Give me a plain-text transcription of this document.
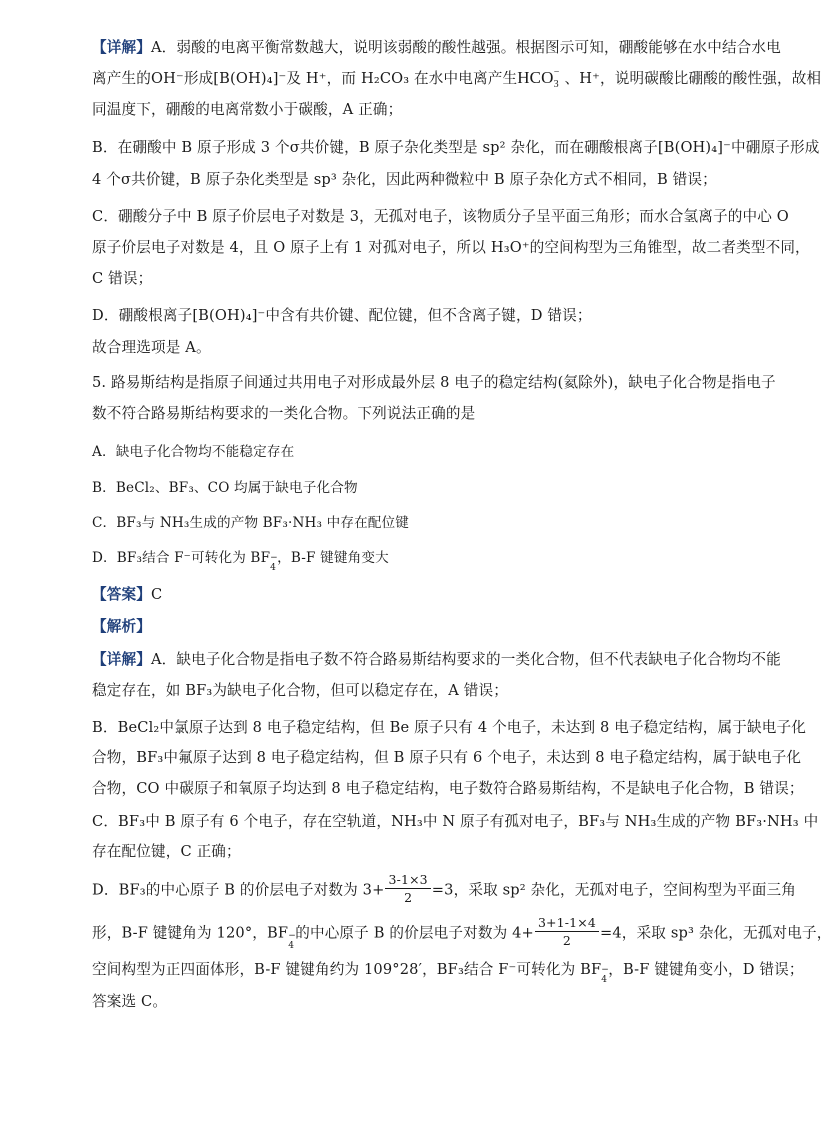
【详解】A．弱酸的电离平衡常数越大，说明该弱酸的酸性越强。根据图示可知，硼酸能够在水中结合水电
离产生的OH⁻形成[B(OH)₄]⁻及 H⁺，而 H₂CO₃ 在水中电离产生$HCO_3^-$ 、H⁺，说明碳酸比硼酸的酸性强，故相
同温度下，硼酸的电离常数小于碳酸，A 正确；
B．在硼酸中 B 原子形成 3 个σ共价键，B 原子杂化类型是 sp² 杂化，而在硼酸根离子[B(OH)₄]⁻中硼原子形成
4 个σ共价键，B 原子杂化类型是 sp³ 杂化，因此两种微粒中 B 原子杂化方式不相同，B 错误；
C．硼酸分子中 B 原子价层电子对数是 3，无孤对电子，该物质分子呈平面三角形；而水合氢离子的中心 O
原子价层电子对数是 4，且 O 原子上有 1 对孤对电子，所以 H₃O⁺的空间构型为三角锥型，故二者类型不同，
C 错误；
D．硼酸根离子[B(OH)₄]⁻中含有共价键、配位键，但不含离子键，D 错误；
故合理选项是 A。
5. 路易斯结构是指原子间通过共用电子对形成最外层 8 电子的稳定结构(氦除外)，缺电子化合物是指电子
数不符合路易斯结构要求的一类化合物。下列说法正确的是
A．缺电子化合物均不能稳定存在
B．BeCl₂、BF₃、CO 均属于缺电子化合物
C．BF₃与 NH₃生成的产物 BF₃·NH₃ 中存在配位键
D．BF₃结合 F⁻可转化为 BF −
4
，B-F 键键角变大
【答案】C
【解析】
【详解】A．缺电子化合物是指电子数不符合路易斯结构要求的一类化合物，但不代表缺电子化合物均不能
稳定存在，如 BF₃为缺电子化合物，但可以稳定存在，A 错误；
B．BeCl₂中氯原子达到 8 电子稳定结构，但 Be 原子只有 4 个电子，未达到 8 电子稳定结构，属于缺电子化
合物，BF₃中氟原子达到 8 电子稳定结构，但 B 原子只有 6 个电子，未达到 8 电子稳定结构，属于缺电子化
合物，CO 中碳原子和氧原子均达到 8 电子稳定结构，电子数符合路易斯结构，不是缺电子化合物，B 错误；
C．BF₃中 B 原子有 6 个电子，存在空轨道，NH₃中 N 原子有孤对电子，BF₃与 NH₃生成的产物 BF₃·NH₃ 中
存在配位键，C 正确；
D．BF₃的中心原子 B 的价层电子对数为 $3+ \frac{3-1\times 3}{2} =3$，采取 sp² 杂化，无孤对电子，空间构型为平面三角
形，B-F 键键角为 120°，BF −
4
的中心原子 B 的价层电子对数为 $4+ \frac{3+1-1\times 4}{2} =4$，采取 sp³ 杂化，无孤对电子，
空间构型为正四面体形，B-F 键键角约为 109°28′，BF₃结合 F⁻可转化为 BF −
4
，B-F 键键角变小，D 错误；
答案选 C。
